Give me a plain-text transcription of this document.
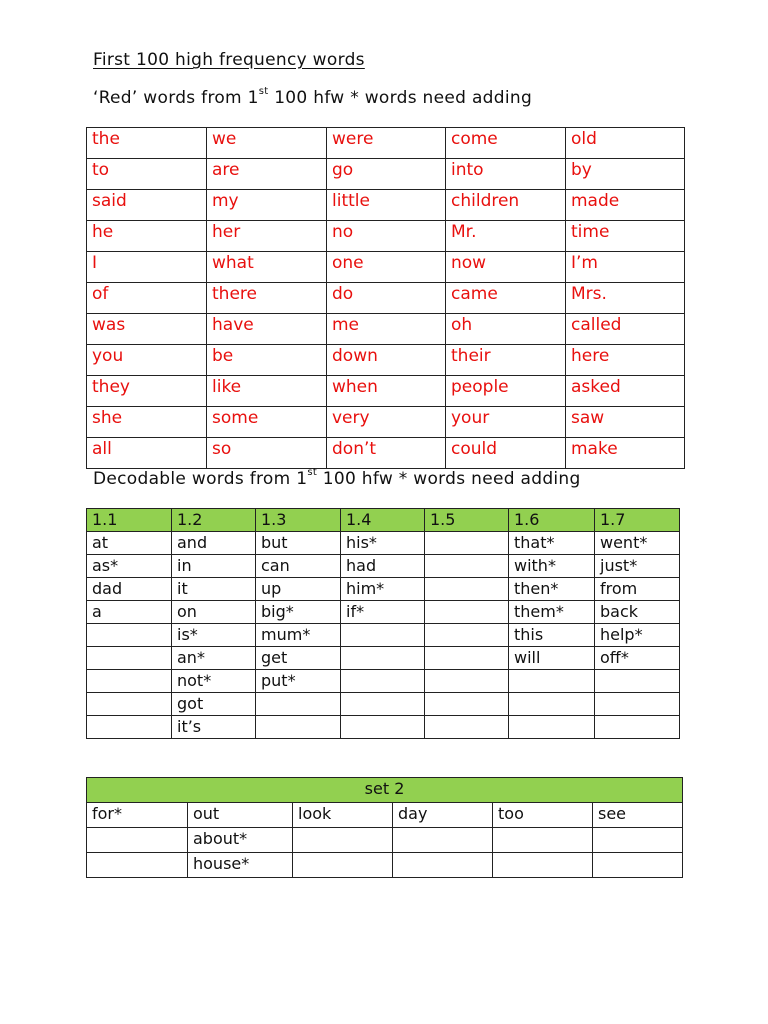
First 100 high frequency words
‘Red’ words from 1st 100 hfw * words need adding
the	we	were	come	old
to	are	go	into	by
said	my	little	children	made
he	her	no	Mr.	time
I	what	one	now	I’m
of	there	do	came	Mrs.
was	have	me	oh	called
you	be	down	their	here
they	like	when	people	asked
she	some	very	your	saw
all	so	don’t	could	make
Decodable words from 1st 100 hfw * words need adding
1.1	1.2	1.3	1.4	1.5	1.6	1.7
at	and	but	his*		that*	went*
as*	in	can	had		with*	just*
dad	it	up	him*		then*	from
a	on	big*	if*		them*	back
	is*	mum*			this	help*
	an*	get			will	off*
	not*	put*				
	got					
	it’s					
set 2					
for*	out	look	day	too	see
	about*				
	house*				
